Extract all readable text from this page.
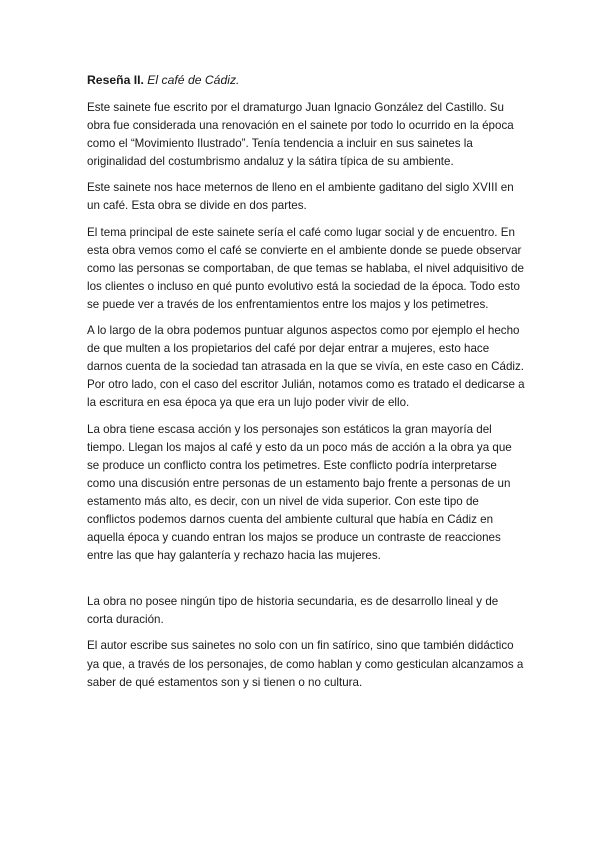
Reseña II. El café de Cádiz.

Este sainete fue escrito por el dramaturgo Juan Ignacio González del Castillo. Su obra fue considerada una renovación en el sainete por todo lo ocurrido en la época como el “Movimiento Ilustrado”. Tenía tendencia a incluir en sus sainetes la originalidad del costumbrismo andaluz y la sátira típica de su ambiente.

Este sainete nos hace meternos de lleno en el ambiente gaditano del siglo XVIII en un café. Esta obra se divide en dos partes.

El tema principal de este sainete sería el café como lugar social y de encuentro. En esta obra vemos como el café se convierte en el ambiente donde se puede observar como las personas se comportaban, de que temas se hablaba, el nivel adquisitivo de los clientes o incluso en qué punto evolutivo está la sociedad de la época. Todo esto se puede ver a través de los enfrentamientos entre los majos y los petimetres.

A lo largo de la obra podemos puntuar algunos aspectos como por ejemplo el hecho de que multen a los propietarios del café por dejar entrar a mujeres, esto hace darnos cuenta de la sociedad tan atrasada en la que se vivía, en este caso en Cádiz. Por otro lado, con el caso del escritor Julián, notamos como es tratado el dedicarse a la escritura en esa época ya que era un lujo poder vivir de ello.

La obra tiene escasa acción y los personajes son estáticos la gran mayoría del tiempo. Llegan los majos al café y esto da un poco más de acción a la obra ya que se produce un conflicto contra los petimetres. Este conflicto podría interpretarse como una discusión entre personas de un estamento bajo frente a personas de un estamento más alto, es decir, con un nivel de vida superior. Con este tipo de conflictos podemos darnos cuenta del ambiente cultural que había en Cádiz en aquella época y cuando entran los majos se produce un contraste de reacciones entre las que hay galantería y rechazo hacia las mujeres.

La obra no posee ningún tipo de historia secundaria, es de desarrollo lineal y de corta duración.

El autor escribe sus sainetes no solo con un fin satírico, sino que también didáctico ya que, a través de los personajes, de como hablan y como gesticulan alcanzamos a saber de qué estamentos son y si tienen o no cultura.
